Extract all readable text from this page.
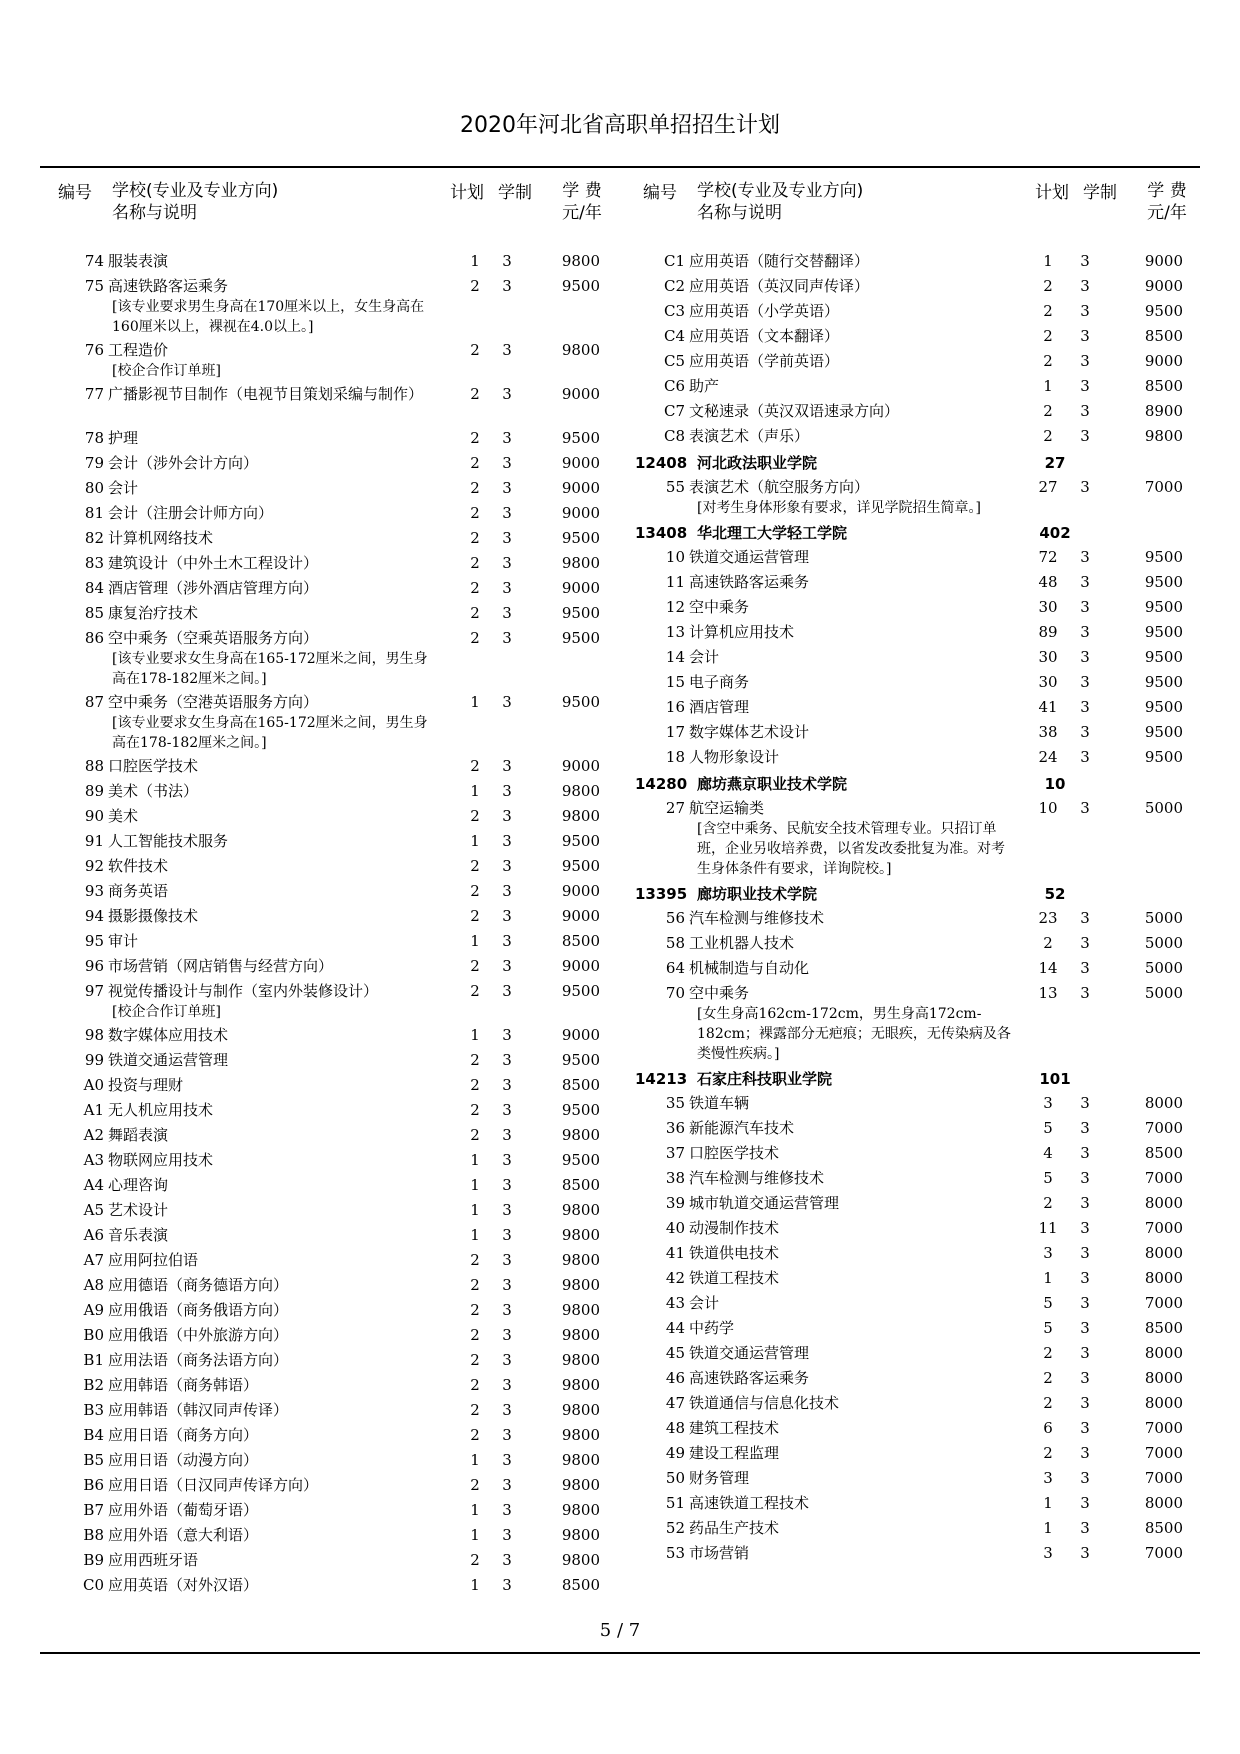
2020年河北省高职单招招生计划
编号 学校(专业及专业方向)
名称与说明
计划 学制	学 费
元/年
74 服装表演	1	3	9800
75 高速铁路客运乘务	2	3	9500
[该专业要求男生身高在170厘米以上，女生身高在160厘米以上，裸视在4.0以上。]
76 工程造价	2	3	9800
[校企合作订单班]
77 广播影视节目制作（电视节目策划采编与制作）	2	3	9000
78 护理	2	3	9500
79 会计（涉外会计方向）	2	3	9000
80 会计	2	3	9000
81 会计（注册会计师方向）	2	3	9000
82 计算机网络技术	2	3	9500
83 建筑设计（中外土木工程设计）	2	3	9800
84 酒店管理（涉外酒店管理方向）	2	3	9000
85 康复治疗技术	2	3	9500
86 空中乘务（空乘英语服务方向）	2	3	9500
[该专业要求女生身高在165-172厘米之间，男生身高在178-182厘米之间。]
87 空中乘务（空港英语服务方向）	1	3	9500
[该专业要求女生身高在165-172厘米之间，男生身高在178-182厘米之间。]
88 口腔医学技术	2	3	9000
89 美术（书法）	1	3	9800
90 美术	2	3	9800
91 人工智能技术服务	1	3	9500
92 软件技术	2	3	9500
93 商务英语	2	3	9000
94 摄影摄像技术	2	3	9000
95 审计	1	3	8500
96 市场营销（网店销售与经营方向）	2	3	9000
97 视觉传播设计与制作（室内外装修设计）	2	3	9500
[校企合作订单班]
98 数字媒体应用技术	1	3	9000
99 铁道交通运营管理	2	3	9500
A0 投资与理财	2	3	8500
A1 无人机应用技术	2	3	9500
A2 舞蹈表演	2	3	9800
A3 物联网应用技术	1	3	9500
A4 心理咨询	1	3	8500
A5 艺术设计	1	3	9800
A6 音乐表演	1	3	9800
A7 应用阿拉伯语	2	3	9800
A8 应用德语（商务德语方向）	2	3	9800
A9 应用俄语（商务俄语方向）	2	3	9800
B0 应用俄语（中外旅游方向）	2	3	9800
B1 应用法语（商务法语方向）	2	3	9800
B2 应用韩语（商务韩语）	2	3	9800
B3 应用韩语（韩汉同声传译）	2	3	9800
B4 应用日语（商务方向）	2	3	9800
B5 应用日语（动漫方向）	1	3	9800
B6 应用日语（日汉同声传译方向）	2	3	9800
B7 应用外语（葡萄牙语）	1	3	9800
B8 应用外语（意大利语）	1	3	9800
B9 应用西班牙语	2	3	9800
C0 应用英语（对外汉语）	1	3	8500
编号 学校(专业及专业方向)
名称与说明
计划 学制	学 费
元/年
C1 应用英语（随行交替翻译）	1	3	9000
C2 应用英语（英汉同声传译）	2	3	9000
C3 应用英语（小学英语）	2	3	9500
C4 应用英语（文本翻译）	2	3	8500
C5 应用英语（学前英语）	2	3	9000
C6 助产	1	3	8500
C7 文秘速录（英汉双语速录方向）	2	3	8900
C8 表演艺术（声乐）	2	3	9800
12408 河北政法职业学院	27
55 表演艺术（航空服务方向）	27	3	7000
[对考生身体形象有要求，详见学院招生简章。]
13408 华北理工大学轻工学院	402
10 铁道交通运营管理	72	3	9500
11 高速铁路客运乘务	48	3	9500
12 空中乘务	30	3	9500
13 计算机应用技术	89	3	9500
14 会计	30	3	9500
15 电子商务	30	3	9500
16 酒店管理	41	3	9500
17 数字媒体艺术设计	38	3	9500
18 人物形象设计	24	3	9500
14280 廊坊燕京职业技术学院	10
27 航空运输类	10	3	5000
[含空中乘务、民航安全技术管理专业。只招订单班，企业另收培养费，以省发改委批复为准。对考生身体条件有要求，详询院校。]
13395 廊坊职业技术学院	52
56 汽车检测与维修技术	23	3	5000
58 工业机器人技术	2	3	5000
64 机械制造与自动化	14	3	5000
70 空中乘务	13	3	5000
[女生身高162cm-172cm，男生身高172cm-182cm；裸露部分无疤痕；无眼疾，无传染病及各类慢性疾病。]
14213 石家庄科技职业学院	101
35 铁道车辆	3	3	8000
36 新能源汽车技术	5	3	7000
37 口腔医学技术	4	3	8500
38 汽车检测与维修技术	5	3	7000
39 城市轨道交通运营管理	2	3	8000
40 动漫制作技术	11	3	7000
41 铁道供电技术	3	3	8000
42 铁道工程技术	1	3	8000
43 会计	5	3	7000
44 中药学	5	3	8500
45 铁道交通运营管理	2	3	8000
46 高速铁路客运乘务	2	3	8000
47 铁道通信与信息化技术	2	3	8000
48 建筑工程技术	6	3	7000
49 建设工程监理	2	3	7000
50 财务管理	3	3	7000
51 高速铁道工程技术	1	3	8000
52 药品生产技术	1	3	8500
53 市场营销	3	3	7000
5 / 7
